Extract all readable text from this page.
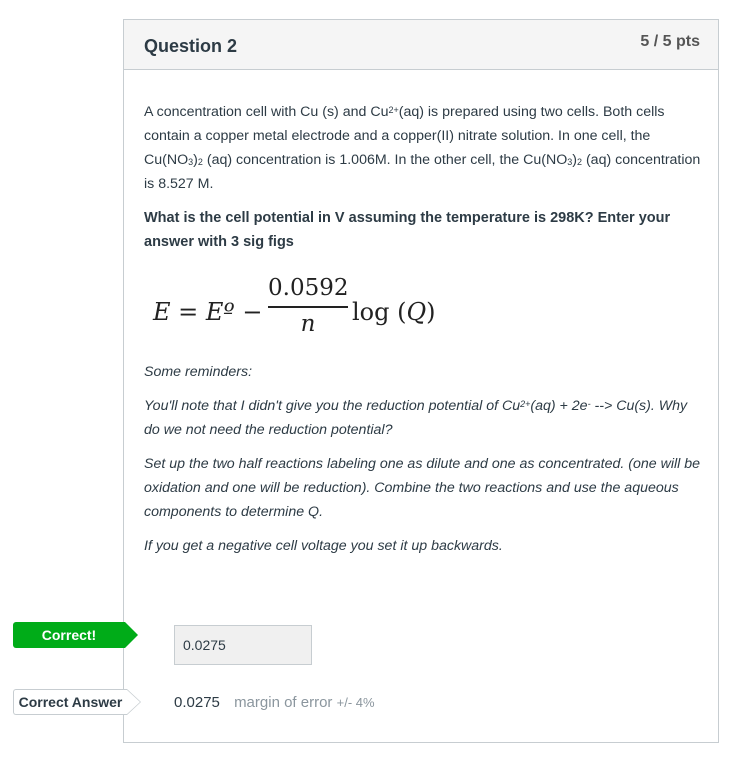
Question 2	5 / 5 pts

A concentration cell with Cu (s) and $Cu^{2+}(aq)$ is prepared using two cells. Both cells contain a copper metal electrode and a copper(II) nitrate solution. In one cell, the $Cu(NO_3)_2$ (aq) concentration is 1.006M. In the other cell, the $Cu(NO_3)_2$ (aq) concentration is 8.527 M.

What is the cell potential in V assuming the temperature is 298K? Enter your answer with 3 sig figs

E = Eº −
0.0592
n	log (Q)

Some reminders:

You'll note that I didn't give you the reduction potential of $Cu^{2+}(aq) + 2e^-$ --> Cu(s). Why do we not need the reduction potential?

Set up the two half reactions labeling one as dilute and one as concentrated. (one will be oxidation and one will be reduction). Combine the two reactions and use the aqueous components to determine Q.

If you get a negative cell voltage you set it up backwards.

Correct!
0.0275
Correct Answer	0.0275 margin of error +/- 4%
